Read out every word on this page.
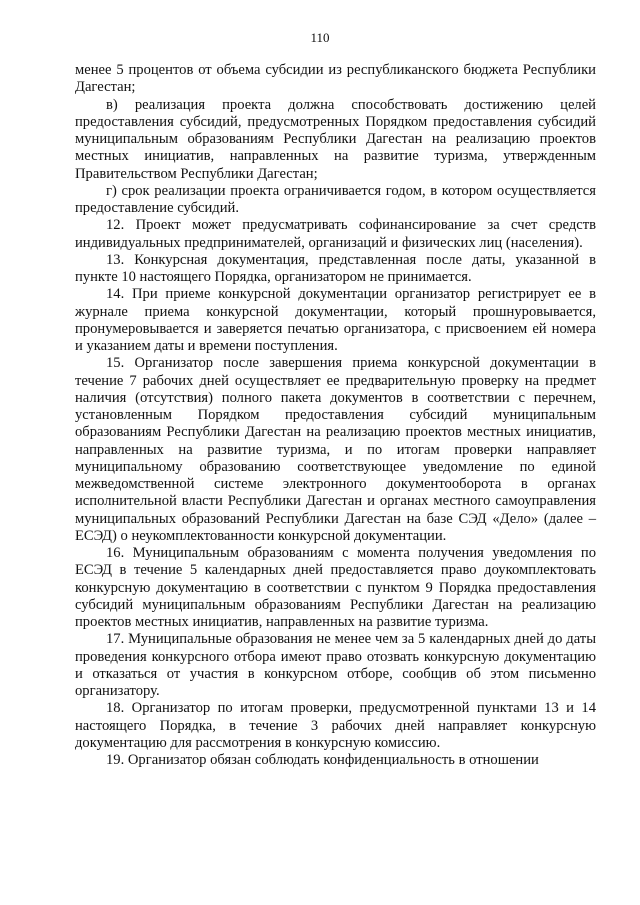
110

менее 5 процентов от объема субсидии из республиканского бюджета Республики Дагестан;

в) реализация проекта должна способствовать достижению целей предоставления субсидий, предусмотренных Порядком предоставления субсидий муниципальным образованиям Республики Дагестан на реализацию проектов местных инициатив, направленных на развитие туризма, утвержденным Правительством Республики Дагестан;

г) срок реализации проекта ограничивается годом, в котором осуществляется предоставление субсидий.

12. Проект может предусматривать софинансирование за счет средств индивидуальных предпринимателей, организаций и физических лиц (населения).

13. Конкурсная документация, представленная после даты, указанной в пункте 10 настоящего Порядка, организатором не принимается.

14. При приеме конкурсной документации организатор регистрирует ее в журнале приема конкурсной документации, который прошнуровывается, пронумеровывается и заверяется печатью организатора, с присвоением ей номера и указанием даты и времени поступления.

15. Организатор после завершения приема конкурсной документации в течение 7 рабочих дней осуществляет ее предварительную проверку на предмет наличия (отсутствия) полного пакета документов в соответствии с перечнем, установленным Порядком предоставления субсидий муниципальным образованиям Республики Дагестан на реализацию проектов местных инициатив, направленных на развитие туризма, и по итогам проверки направляет муниципальному образованию соответствующее уведомление по единой межведомственной системе электронного документооборота в органах исполнительной власти Республики Дагестан и органах местного самоуправления муниципальных образований Республики Дагестан на базе СЭД «Дело» (далее – ЕСЭД) о неукомплектованности конкурсной документации.

16. Муниципальным образованиям с момента получения уведомления по ЕСЭД в течение 5 календарных дней предоставляется право доукомплектовать конкурсную документацию в соответствии с пунктом 9 Порядка предоставления субсидий муниципальным образованиям Республики Дагестан на реализацию проектов местных инициатив, направленных на развитие туризма.

17. Муниципальные образования не менее чем за 5 календарных дней до даты проведения конкурсного отбора имеют право отозвать конкурсную документацию и отказаться от участия в конкурсном отборе, сообщив об этом письменно организатору.

18. Организатор по итогам проверки, предусмотренной пунктами 13 и 14 настоящего Порядка, в течение 3 рабочих дней направляет конкурсную документацию для рассмотрения в конкурсную комиссию.

19. Организатор обязан соблюдать конфиденциальность в отношении
